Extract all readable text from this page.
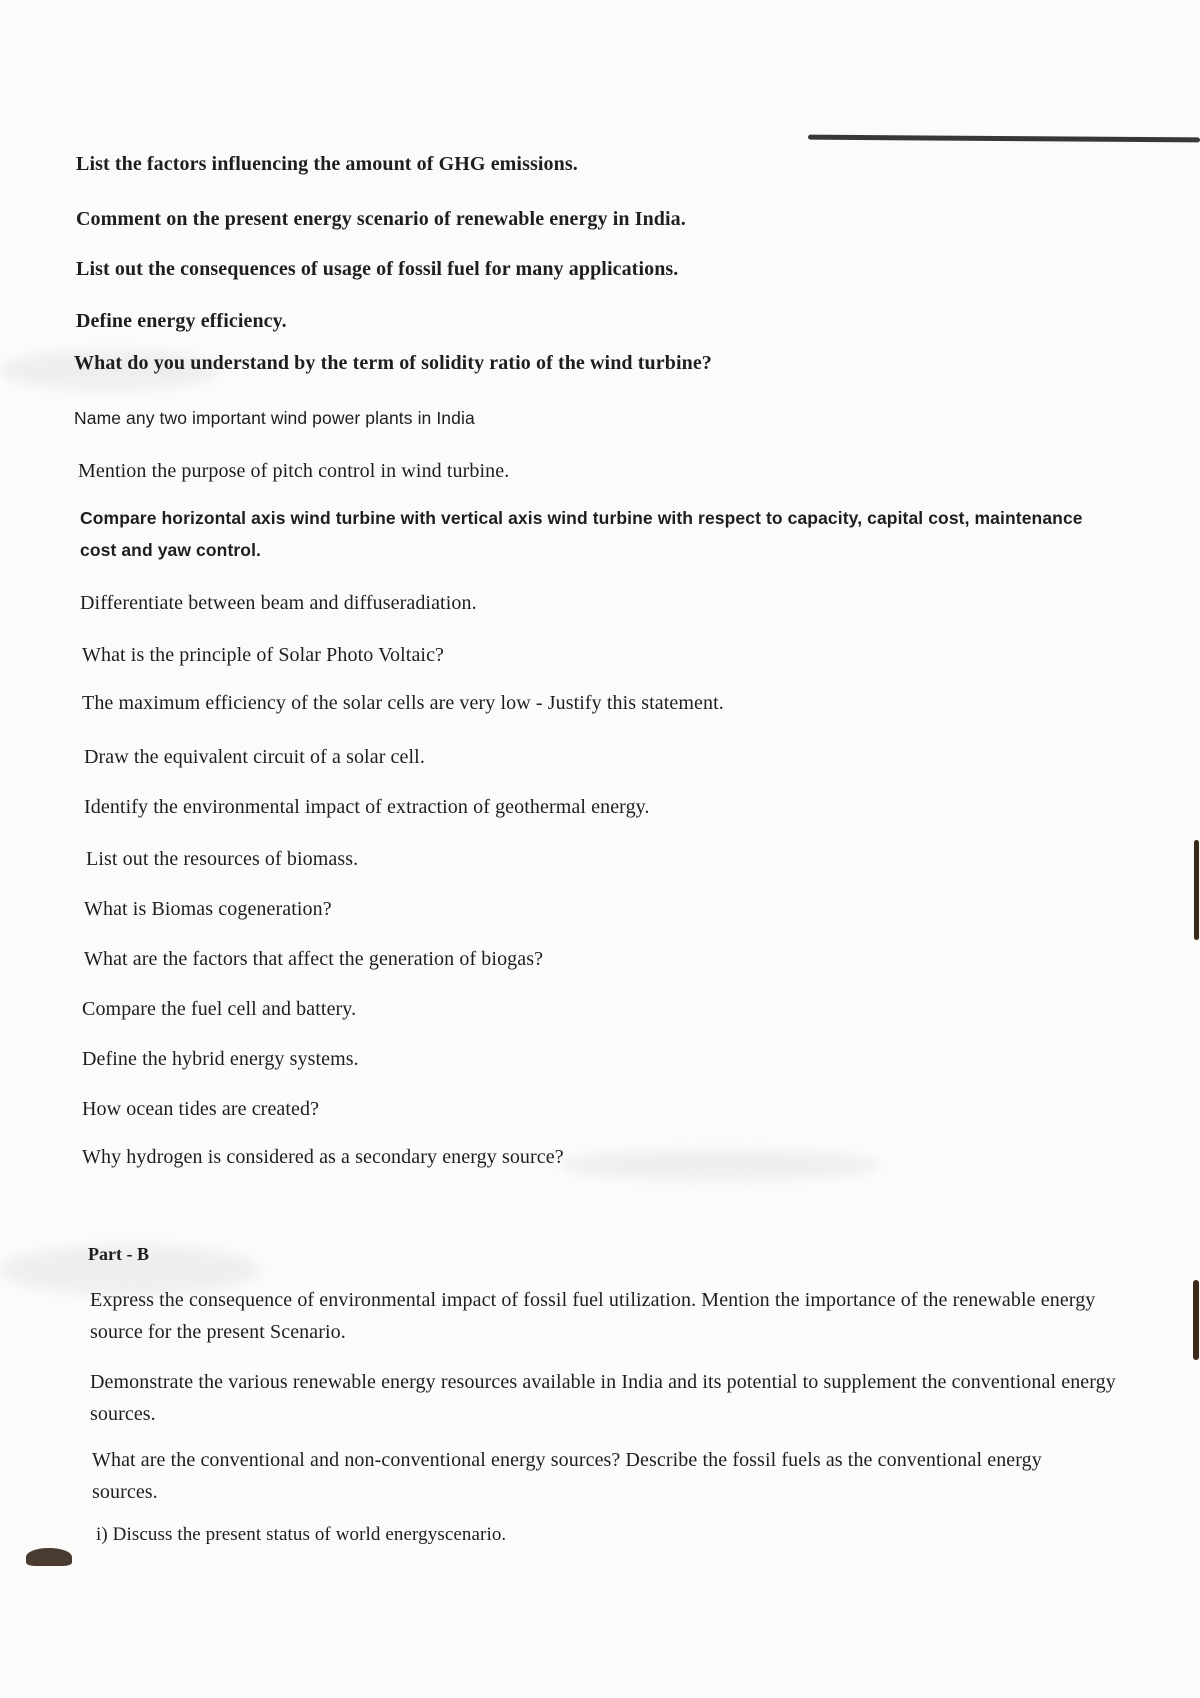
List the factors influencing the amount of GHG emissions.
Comment on the present energy scenario of renewable energy in India.
List out the consequences of usage of fossil fuel for many applications.
Define energy efficiency.
What do you understand by the term of solidity ratio of the wind turbine?
Name any two important wind power plants in India
Mention the purpose of pitch control in wind turbine.
Compare horizontal axis wind turbine with vertical axis wind turbine with respect to capacity, capital cost, maintenance cost and yaw control.
Differentiate between beam and diffuseradiation.
What is the principle of Solar Photo Voltaic?
The maximum efficiency of the solar cells are very low - Justify this statement.
Draw the equivalent circuit of a solar cell.
Identify the environmental impact of extraction of geothermal energy.
List out the resources of biomass.
What is Biomas cogeneration?
What are the factors that affect the generation of biogas?
Compare the fuel cell and battery.
Define the hybrid energy systems.
How ocean tides are created?
Why hydrogen is considered as a secondary energy source?
Part - B
Express the consequence of environmental impact of fossil fuel utilization. Mention the importance of the renewable energy source for the present Scenario.
Demonstrate the various renewable energy resources available in India and its potential to supplement the conventional energy sources.
What are the conventional and non-conventional energy sources? Describe the fossil fuels as the conventional energy sources.
i) Discuss the present status of world energyscenario.
